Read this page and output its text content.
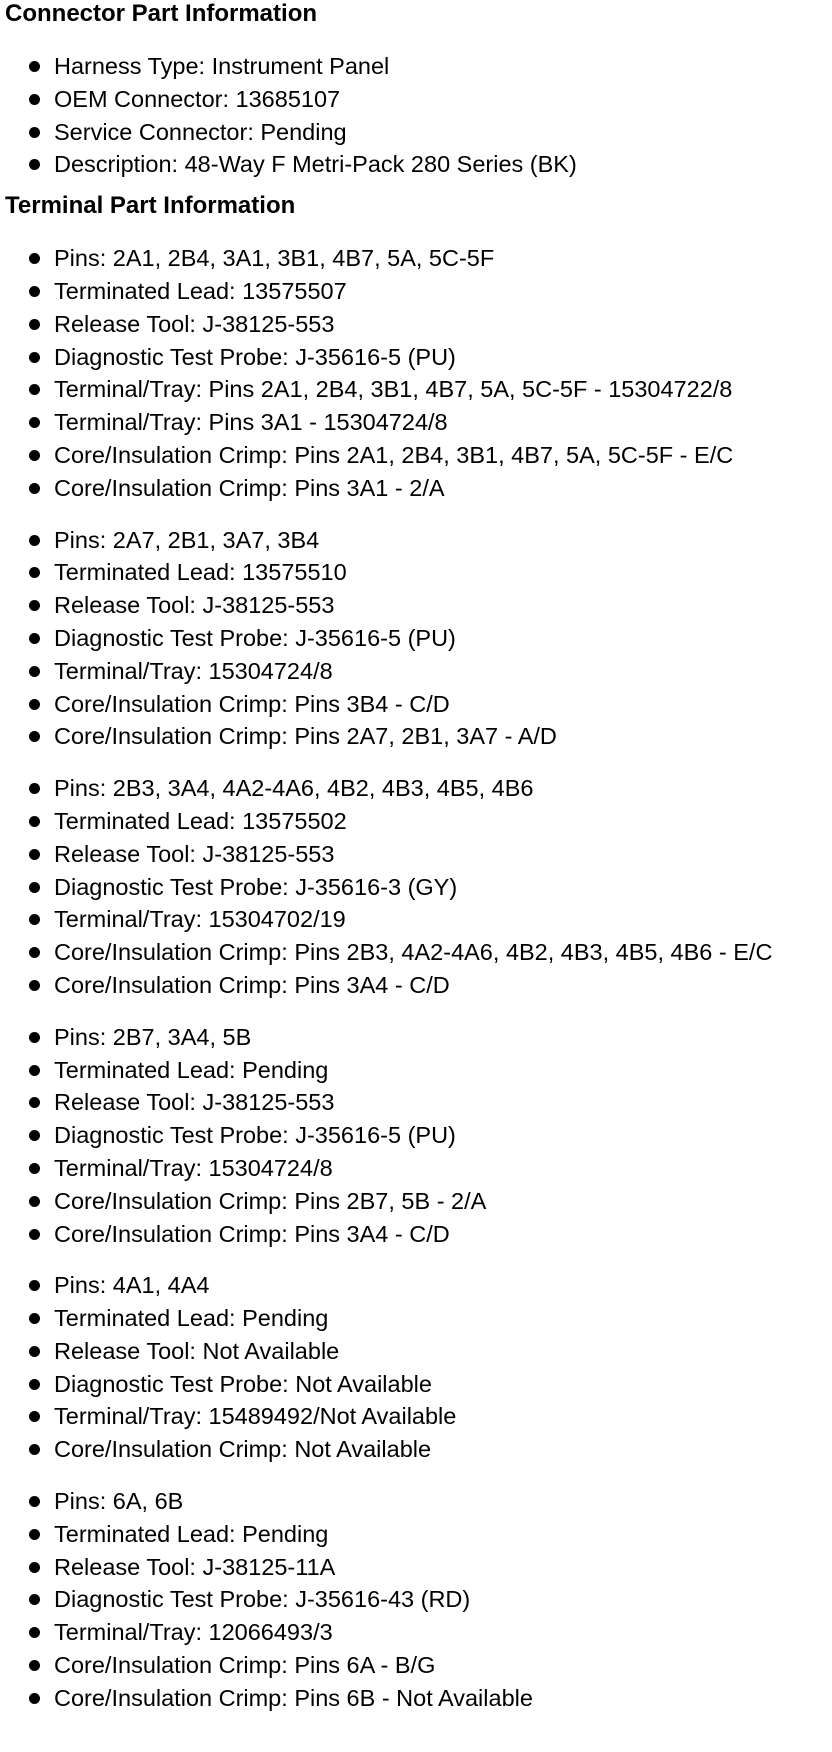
Connector Part Information
Harness Type: Instrument Panel
OEM Connector: 13685107
Service Connector: Pending
Description: 48-Way F Metri-Pack 280 Series (BK)
Terminal Part Information
Pins: 2A1, 2B4, 3A1, 3B1, 4B7, 5A, 5C-5F
Terminated Lead: 13575507
Release Tool: J-38125-553
Diagnostic Test Probe: J-35616-5 (PU)
Terminal/Tray: Pins 2A1, 2B4, 3B1, 4B7, 5A, 5C-5F - 15304722/8
Terminal/Tray: Pins 3A1 - 15304724/8
Core/Insulation Crimp: Pins 2A1, 2B4, 3B1, 4B7, 5A, 5C-5F - E/C
Core/Insulation Crimp: Pins 3A1 - 2/A
Pins: 2A7, 2B1, 3A7, 3B4
Terminated Lead: 13575510
Release Tool: J-38125-553
Diagnostic Test Probe: J-35616-5 (PU)
Terminal/Tray: 15304724/8
Core/Insulation Crimp: Pins 3B4 - C/D
Core/Insulation Crimp: Pins 2A7, 2B1, 3A7 - A/D
Pins: 2B3, 3A4, 4A2-4A6, 4B2, 4B3, 4B5, 4B6
Terminated Lead: 13575502
Release Tool: J-38125-553
Diagnostic Test Probe: J-35616-3 (GY)
Terminal/Tray: 15304702/19
Core/Insulation Crimp: Pins 2B3, 4A2-4A6, 4B2, 4B3, 4B5, 4B6 - E/C
Core/Insulation Crimp: Pins 3A4 - C/D
Pins: 2B7, 3A4, 5B
Terminated Lead: Pending
Release Tool: J-38125-553
Diagnostic Test Probe: J-35616-5 (PU)
Terminal/Tray: 15304724/8
Core/Insulation Crimp: Pins 2B7, 5B - 2/A
Core/Insulation Crimp: Pins 3A4 - C/D
Pins: 4A1, 4A4
Terminated Lead: Pending
Release Tool: Not Available
Diagnostic Test Probe: Not Available
Terminal/Tray: 15489492/Not Available
Core/Insulation Crimp: Not Available
Pins: 6A, 6B
Terminated Lead: Pending
Release Tool: J-38125-11A
Diagnostic Test Probe: J-35616-43 (RD)
Terminal/Tray: 12066493/3
Core/Insulation Crimp: Pins 6A - B/G
Core/Insulation Crimp: Pins 6B - Not Available
